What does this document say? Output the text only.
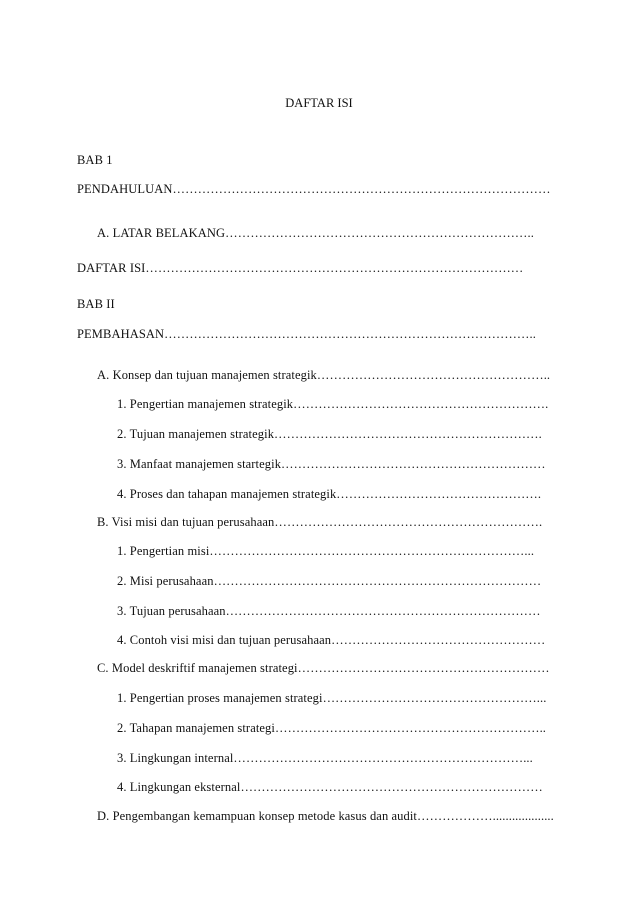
DAFTAR ISI
BAB 1
PENDAHULUAN………………………………………………………………………………
A. LATAR BELAKANG………………………………………………………………..
DAFTAR ISI………………………………………………………………………………
BAB II
PEMBAHASAN……………………………………………………………………………..
A. Konsep dan tujuan manajemen strategik………………………………………………..
1. Pengertian manajemen strategik…………………………………………………….
2. Tujuan manajemen strategik……………………………………………………….
3. Manfaat manajemen startegik………………………………………………………
4. Proses dan tahapan manajemen strategik………………………………………….
B. Visi misi dan tujuan perusahaan……………………………………………………….
1. Pengertian misi…………………………………………………………………...
2. Misi perusahaan……………………………………………………………………
3. Tujuan perusahaan…………………………………………………………………
4. Contoh visi misi dan tujuan perusahaan……………………………………………
C. Model deskriftif manajemen strategi……………………………………………………
1. Pengertian proses manajemen strategi……………………………………………...
2. Tahapan manajemen strategi………………………………………………………..
3. Lingkungan internal……………………………………………………………...
4. Lingkungan eksternal………………………………………………………………
D. Pengembangan kemampuan konsep metode kasus dan audit………………...................
